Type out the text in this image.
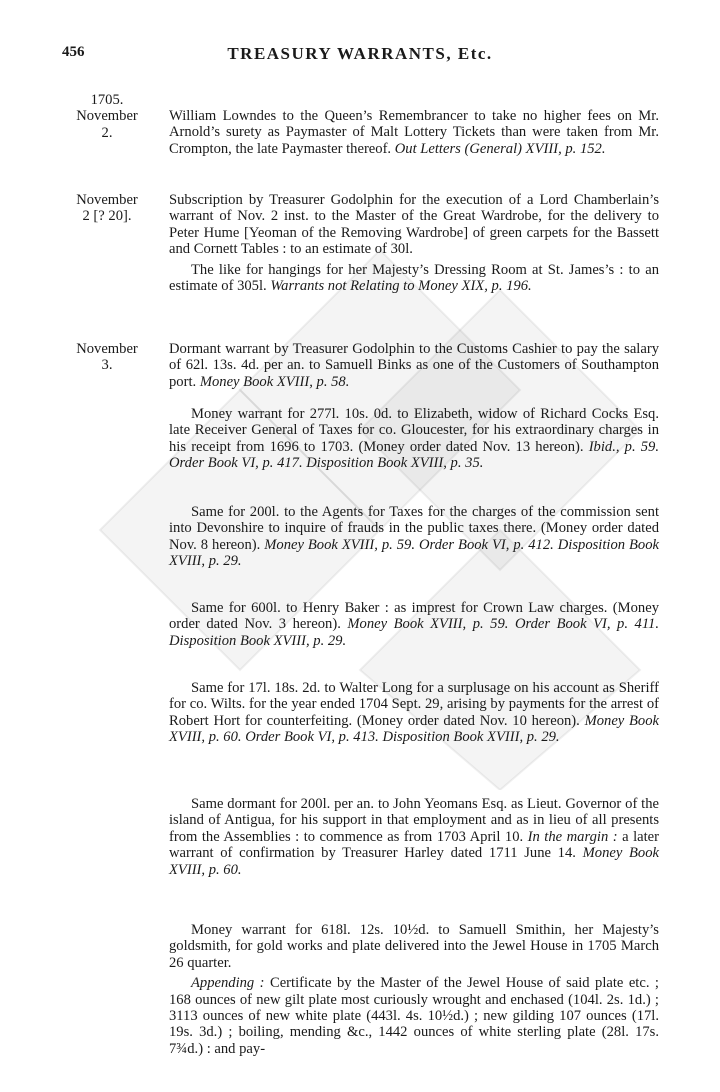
456	TREASURY WARRANTS, Etc.
1705.
November
2.

William Lowndes to the Queen’s Remembrancer to take no higher fees on Mr. Arnold’s surety as Paymaster of Malt Lottery Tickets than were taken from Mr. Crompton, the late Paymaster thereof. Out Letters (General) XVIII, p. 152.

November
2 [? 20].

Subscription by Treasurer Godolphin for the execution of a Lord Chamberlain’s warrant of Nov. 2 inst. to the Master of the Great Wardrobe, for the delivery to Peter Hume [Yeoman of the Removing Wardrobe] of green carpets for the Bassett and Cornett Tables : to an estimate of 30l.

The like for hangings for her Majesty’s Dressing Room at St. James’s : to an estimate of 305l. Warrants not Relating to Money XIX, p. 196.

November
3.

Dormant warrant by Treasurer Godolphin to the Customs Cashier to pay the salary of 62l. 13s. 4d. per an. to Samuell Binks as one of the Customers of Southampton port. Money Book XVIII, p. 58.

Money warrant for 277l. 10s. 0d. to Elizabeth, widow of Richard Cocks Esq. late Receiver General of Taxes for co. Gloucester, for his extraordinary charges in his receipt from 1696 to 1703. (Money order dated Nov. 13 hereon). Ibid., p. 59. Order Book VI, p. 417. Disposition Book XVIII, p. 35.

Same for 200l. to the Agents for Taxes for the charges of the commission sent into Devonshire to inquire of frauds in the public taxes there. (Money order dated Nov. 8 hereon). Money Book XVIII, p. 59. Order Book VI, p. 412. Disposition Book XVIII, p. 29.

Same for 600l. to Henry Baker : as imprest for Crown Law charges. (Money order dated Nov. 3 hereon). Money Book XVIII, p. 59. Order Book VI, p. 411. Disposition Book XVIII, p. 29.

Same for 17l. 18s. 2d. to Walter Long for a surplusage on his account as Sheriff for co. Wilts. for the year ended 1704 Sept. 29, arising by payments for the arrest of Robert Hort for counterfeiting. (Money order dated Nov. 10 hereon). Money Book XVIII, p. 60. Order Book VI, p. 413. Disposition Book XVIII, p. 29.

Same dormant for 200l. per an. to John Yeomans Esq. as Lieut. Governor of the island of Antigua, for his support in that employment and as in lieu of all presents from the Assemblies : to commence as from 1703 April 10. In the margin : a later warrant of confirmation by Treasurer Harley dated 1711 June 14. Money Book XVIII, p. 60.

Money warrant for 618l. 12s. 10½d. to Samuell Smithin, her Majesty’s goldsmith, for gold works and plate delivered into the Jewel House in 1705 March 26 quarter.

Appending : Certificate by the Master of the Jewel House of said plate etc. ; 168 ounces of new gilt plate most curiously wrought and enchased (104l. 2s. 1d.) ; 3113 ounces of new white plate (443l. 4s. 10½d.) ; new gilding 107 ounces (17l. 19s. 3d.) ; boiling, mending &c., 1442 ounces of white sterling plate (28l. 17s. 7¾d.) : and pay-
